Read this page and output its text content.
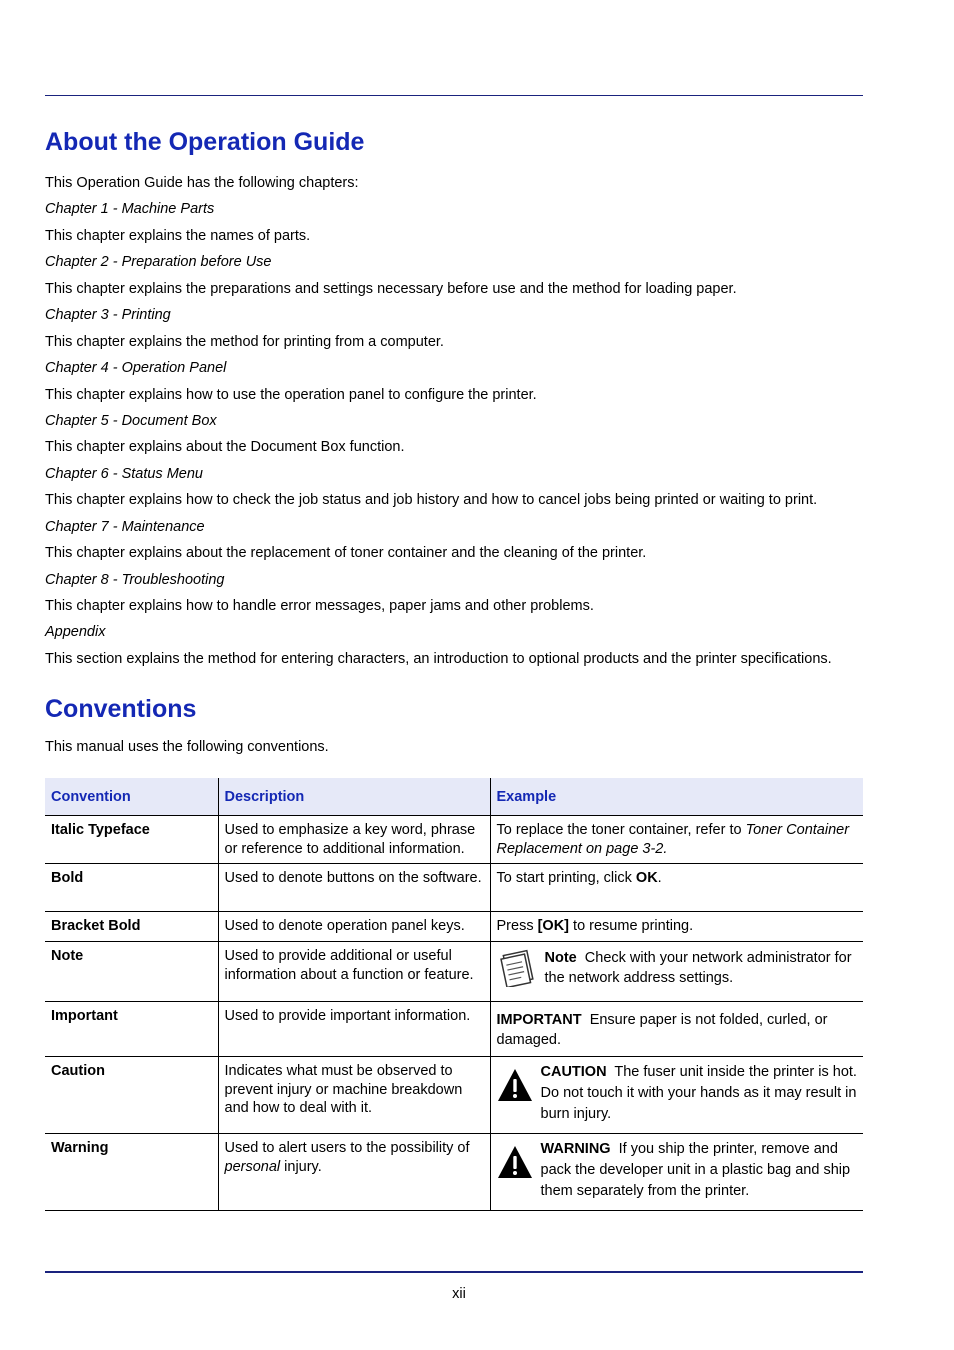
About the Operation Guide
This Operation Guide has the following chapters:
Chapter 1 - Machine Parts
This chapter explains the names of parts.
Chapter 2 - Preparation before Use
This chapter explains the preparations and settings necessary before use and the method for loading paper.
Chapter 3 - Printing
This chapter explains the method for printing from a computer.
Chapter 4 - Operation Panel
This chapter explains how to use the operation panel to configure the printer.
Chapter 5 - Document Box
This chapter explains about the Document Box function.
Chapter 6 - Status Menu
This chapter explains how to check the job status and job history and how to cancel jobs being printed or waiting to print.
Chapter 7 - Maintenance
This chapter explains about the replacement of toner container and the cleaning of the printer.
Chapter 8 - Troubleshooting
This chapter explains how to handle error messages, paper jams and other problems.
Appendix
This section explains the method for entering characters, an introduction to optional products and the printer specifications.
Conventions

This manual uses the following conventions.

Convention	Description	Example
Italic Typeface	Used to emphasize a key word, phrase or reference to additional information.	To replace the toner container, refer to Toner Container Replacement on page 3-2.
Bold	Used to denote buttons on the software.	To start printing, click OK.
Bracket Bold	Used to denote operation panel keys.	Press [OK] to resume printing.
Note	Used to provide additional or useful information about a function or feature.	Note Check with your network administrator for the network address settings.

Important	Used to provide important information.	IMPORTANT Ensure paper is not folded, curled, or damaged.

Caution	Indicates what must be observed to prevent injury or machine breakdown and how to deal with it.	CAUTION The fuser unit inside the printer is hot. Do not touch it with your hands as it may result in burn injury.

Warning	Used to alert users to the possibility of personal injury.	WARNING If you ship the printer, remove and pack the developer unit in a plastic bag and ship them separately from the printer.
xii
